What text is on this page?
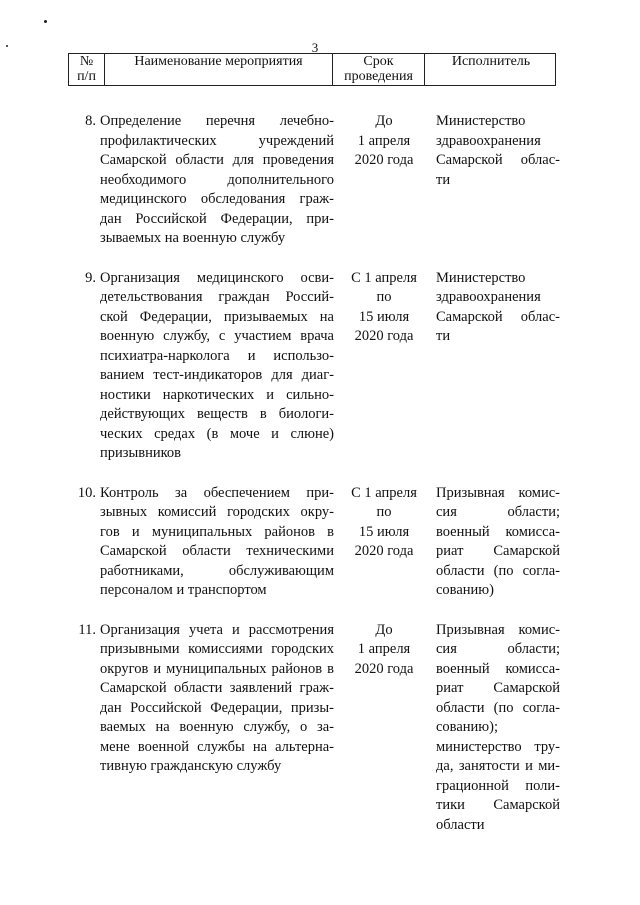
3
№
п/п
Наименование мероприятия	Срок
проведения
Исполнитель
8. Определение перечня лечебно-
профилактических учреждений
Самарской области для проведения
необходимого дополнительного
медицинского обследования граж-
дан Российской Федерации, при-
зываемых на военную службу
До
1 апреля
2020 года
Министерство
здравоохранения
Самарской облас-
ти
9. Организация медицинского осви-
детельствования граждан Россий-
ской Федерации, призываемых на
военную службу, с участием врача
психиатра-нарколога и использо-
ванием тест-индикаторов для диаг-
ностики наркотических и сильно-
действующих веществ в биологи-
ческих средах (в моче и слюне)
призывников
С 1 апреля
по
15 июля
2020 года
Министерство
здравоохранения
Самарской облас-
ти
10. Контроль за обеспечением при-
зывных комиссий городских окру-
гов и муниципальных районов в
Самарской области техническими
работниками, обслуживающим
персоналом и транспортом
С 1 апреля
по
15 июля
2020 года
Призывная комис-
сия области;
военный комисса-
риат Самарской
области (по согла-
сованию)
11. Организация учета и рассмотрения
призывными комиссиями городских
округов и муниципальных районов в
Самарской области заявлений граж-
дан Российской Федерации, призы-
ваемых на военную службу, о за-
мене военной службы на альтерна-
тивную гражданскую службу
До
1 апреля
2020 года
Призывная комис-
сия области;
военный комисса-
риат Самарской
области (по согла-
сованию);
министерство тру-
да, занятости и ми-
грационной поли-
тики Самарской
области
